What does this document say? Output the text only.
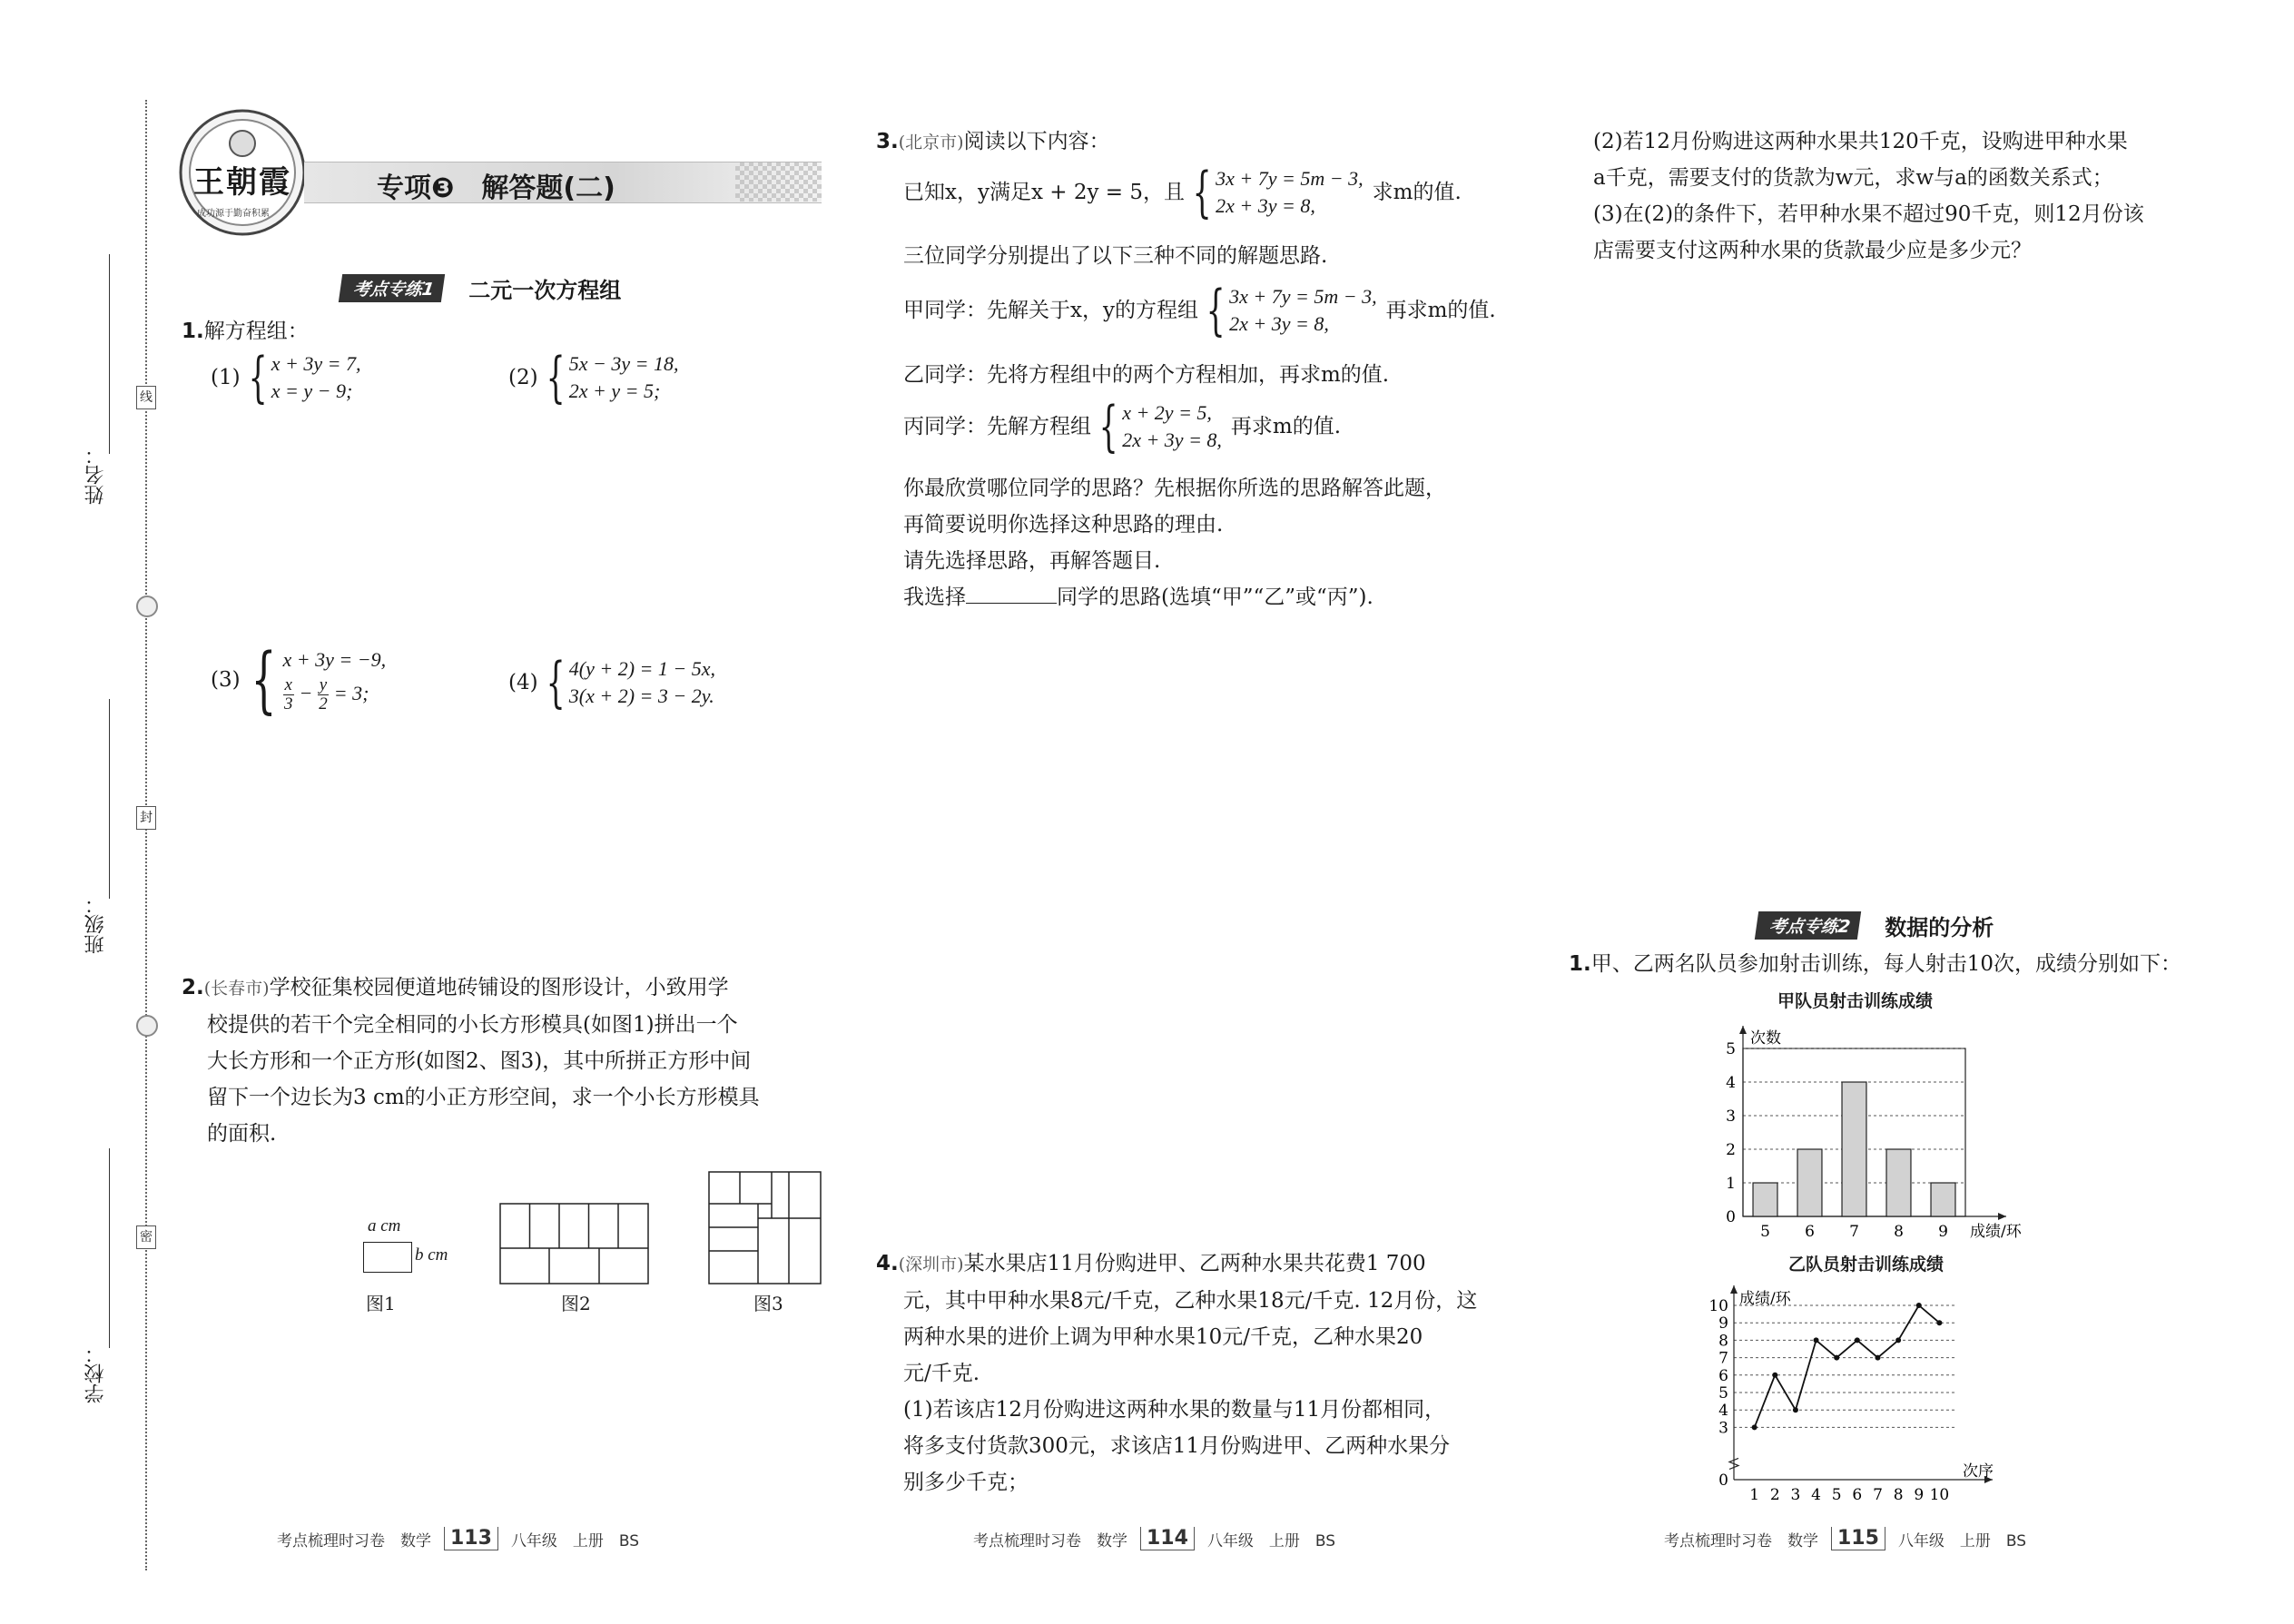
姓名：
班级：
学校：
线
封
密
王朝霞
成功源于勤奋积累
专项❸　解答题(二)
考点专练1	二元一次方程组
1.解方程组：
(1) { x + 3y = 7,
x = y − 9;
(2) { 5x − 3y = 18,
2x + y = 5;
(3) { x + 3y = −9,
$\frac{x}{3} - \frac{y}{2} = 3$;	(4) { 4(y + 2) = 1 − 5x,
3(x + 2) = 3 − 2y.
2.(长春市)学校征集校园便道地砖铺设的图形设计，小致用学
校提供的若干个完全相同的小长方形模具(如图1)拼出一个
大长方形和一个正方形(如图2、图3)，其中所拼正方形中间
留下一个边长为3 cm的小正方形空间，求一个小长方形模具
的面积.
a cm
b cm
图1	图2	图3
考点梳理时习卷　数学 113	八年级　上册　BS
3.(北京市)阅读以下内容：
已知x，y满足x + 2y = 5，且 { 3x + 7y = 5m − 3,
2x + 3y = 8,
求m的值.
三位同学分别提出了以下三种不同的解题思路.
甲同学：先解关于x，y的方程组 { 3x + 7y = 5m − 3,
2x + 3y = 8,
再求m的值.
乙同学：先将方程组中的两个方程相加，再求m的值.
丙同学：先解方程组 { x + 2y = 5,
2x + 3y = 8,
再求m的值.
你最欣赏哪位同学的思路？先根据你所选的思路解答此题，
再简要说明你选择这种思路的理由.
请先选择思路，再解答题目.
我选择	同学的思路(选填“甲”“乙”或“丙”).
4.(深圳市)某水果店11月份购进甲、乙两种水果共花费1 700
元，其中甲种水果8元/千克，乙种水果18元/千克. 12月份，这
两种水果的进价上调为甲种水果10元/千克，乙种水果20
元/千克.
(1)若该店12月份购进这两种水果的数量与11月份都相同，
将多支付货款300元，求该店11月份购进甲、乙两种水果分
别多少千克；
考点梳理时习卷　数学 114	八年级　上册　BS
(2)若12月份购进这两种水果共120千克，设购进甲种水果
a千克，需要支付的货款为w元，求w与a的函数关系式；
(3)在(2)的条件下，若甲种水果不超过90千克，则12月份该
店需要支付这两种水果的货款最少应是多少元？
考点专练2	数据的分析
1.甲、乙两名队员参加射击训练，每人射击10次，成绩分别如下：
甲队员射击训练成绩
0
1
2
3
4
5
次数
成绩/环
5 6 7 8 9
乙队员射击训练成绩
0
3
4
5
6
7
8
9
10 成绩/环
次序
1 2 3 4 5 6 7 8 9 10
考点梳理时习卷　数学 115	八年级　上册　BS
